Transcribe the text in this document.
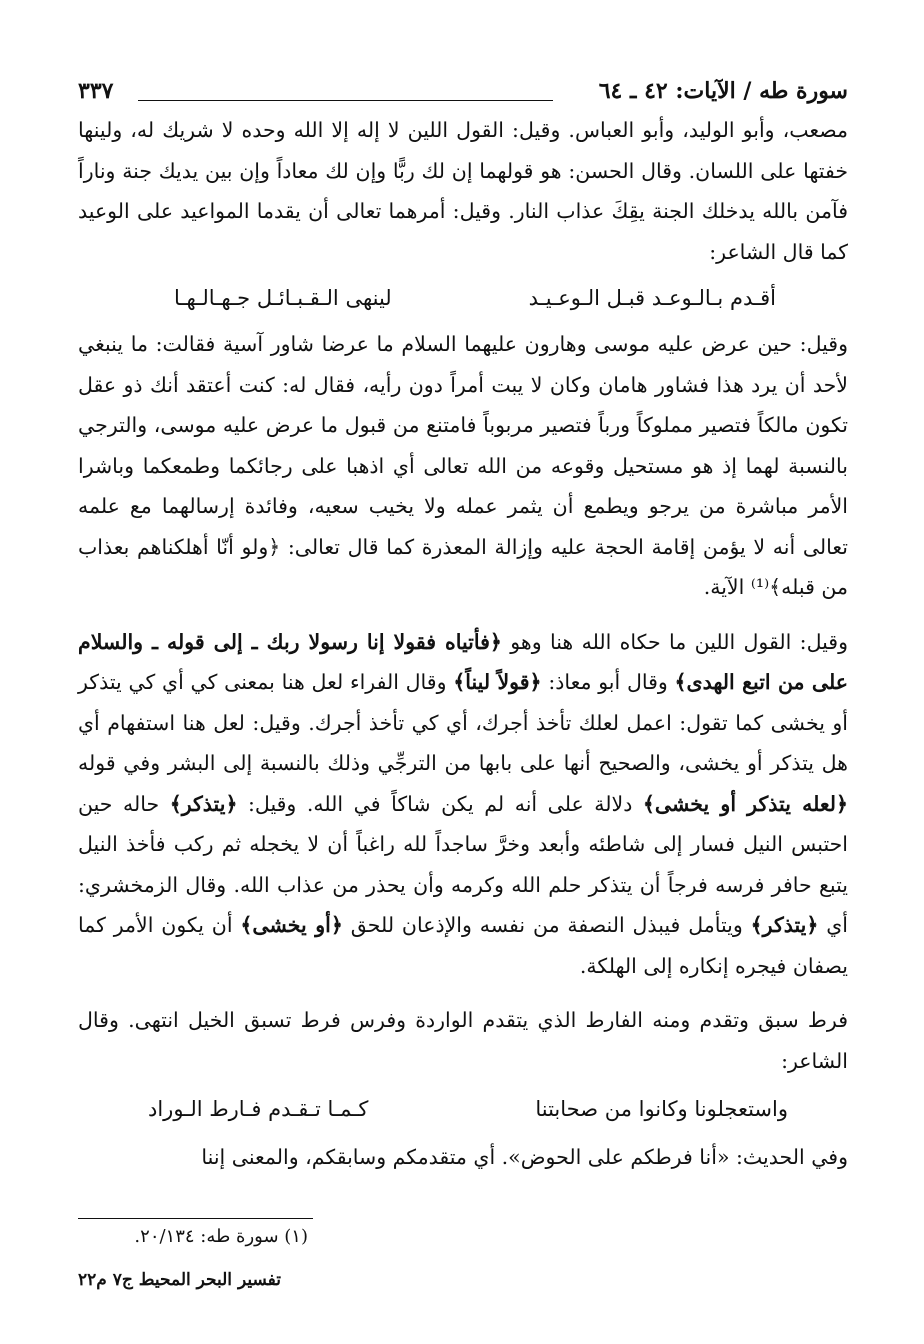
سورة طه / الآيات: ٤٢ ـ ٦٤
٣٣٧

مصعب، وأبو الوليد، وأبو العباس. وقيل: القول اللين لا إله إلا الله وحده لا شريك له، ولينها خفتها على اللسان. وقال الحسن: هو قولهما إن لك ربًّا وإن لك معاداً وإن بين يديك جنة وناراً فآمن بالله يدخلك الجنة يقِكَ عذاب النار. وقيل: أمرهما تعالى أن يقدما المواعيد على الوعيد كما قال الشاعر:

أقـدم بـالـوعـد قبـل الـوعـيـد
لينهى الـقـبـائـل جـهـالـهـا

وقيل: حين عرض عليه موسى وهارون عليهما السلام ما عرضا شاور آسية فقالت: ما ينبغي لأحد أن يرد هذا فشاور هامان وكان لا يبت أمراً دون رأيه، فقال له: كنت أعتقد أنك ذو عقل تكون مالكاً فتصير مملوكاً ورباً فتصير مربوباً فامتنع من قبول ما عرض عليه موسى، والترجي بالنسبة لهما إذ هو مستحيل وقوعه من الله تعالى أي اذهبا على رجائكما وطمعكما وباشرا الأمر مباشرة من يرجو ويطمع أن يثمر عمله ولا يخيب سعيه، وفائدة إرسالهما مع علمه تعالى أنه لا يؤمن إقامة الحجة عليه وإزالة المعذرة كما قال تعالى: ﴿ولو أنّا أهلكناهم بعذاب من قبله﴾⁽¹⁾ الآية.

وقيل: القول اللين ما حكاه الله هنا وهو ﴿فأتياه فقولا إنا رسولا ربك ـ إلى قوله ـ والسلام على من اتبع الهدى﴾ وقال أبو معاذ: ﴿قولاً ليناً﴾ وقال الفراء لعل هنا بمعنى كي أي كي يتذكر أو يخشى كما تقول: اعمل لعلك تأخذ أجرك، أي كي تأخذ أجرك. وقيل: لعل هنا استفهام أي هل يتذكر أو يخشى، والصحيح أنها على بابها من الترجِّي وذلك بالنسبة إلى البشر وفي قوله ﴿لعله يتذكر أو يخشى﴾ دلالة على أنه لم يكن شاكاً في الله. وقيل: ﴿يتذكر﴾ حاله حين احتبس النيل فسار إلى شاطئه وأبعد وخرَّ ساجداً لله راغباً أن لا يخجله ثم ركب فأخذ النيل يتبع حافر فرسه فرجاً أن يتذكر حلم الله وكرمه وأن يحذر من عذاب الله. وقال الزمخشري: أي ﴿يتذكر﴾ ويتأمل فيبذل النصفة من نفسه والإذعان للحق ﴿أو يخشى﴾ أن يكون الأمر كما يصفان فيجره إنكاره إلى الهلكة.

فرط سبق وتقدم ومنه الفارط الذي يتقدم الواردة وفرس فرط تسبق الخيل انتهى. وقال الشاعر:

واستعجلونا وكانوا من صحابتنا
كـمـا تـقـدم فـارط الـوراد

وفي الحديث: «أنا فرطكم على الحوض». أي متقدمكم وسابقكم، والمعنى إننا

(١) سورة طه: ٢٠/١٣٤.
تفسير البحر المحيط ج٧ م٢٢
